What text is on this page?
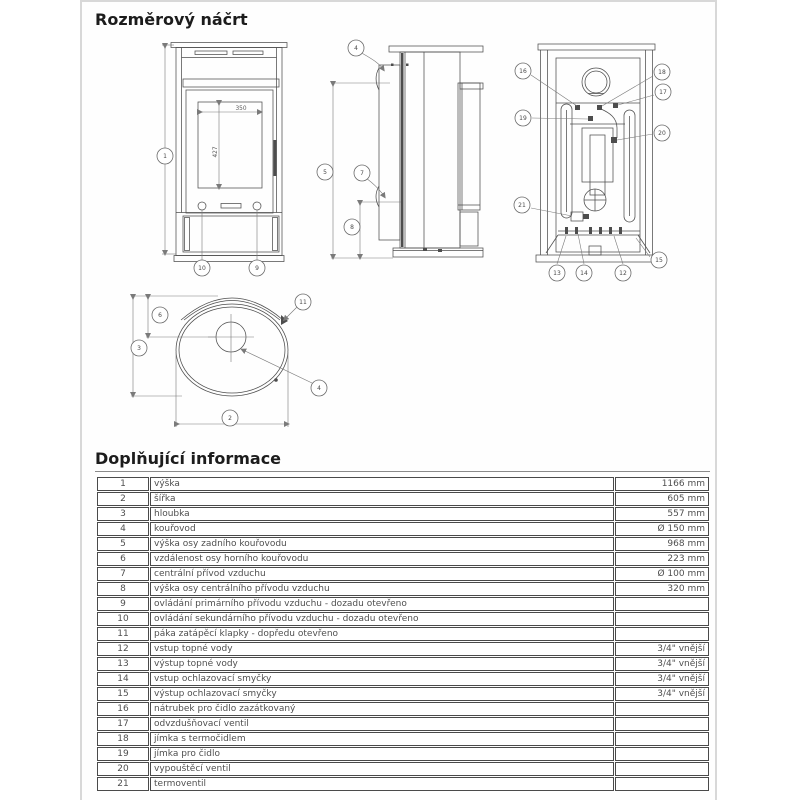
Rozměrový náčrt
350
427
1
10	9
4
5	7
8
16	18
17
19
20
21
15
13	14	12
6
3
11
2
4
Doplňující informace
1	výška	1166 mm
2	šířka	605 mm
3	hloubka	557 mm
4	kouřovod	Ø 150 mm
5	výška osy zadního kouřovodu	968 mm
6	vzdálenost osy horního kouřovodu	223 mm
7	centrální přívod vzduchu	Ø 100 mm
8	výška osy centrálního přívodu vzduchu	320 mm
9	ovládání primárního přívodu vzduchu - dozadu otevřeno	
10	ovládání sekundárního přívodu vzduchu - dozadu otevřeno	
11	páka zatápěcí klapky - dopředu otevřeno	
12	vstup topné vody	3/4" vnější
13	výstup topné vody	3/4" vnější
14	vstup ochlazovací smyčky	3/4" vnější
15	výstup ochlazovací smyčky	3/4" vnější
16	nátrubek pro čidlo zazátkovaný	
17	odvzdušňovací ventil	
18	jímka s termočidlem	
19	jímka pro čidlo	
20	vypouštěcí ventil	
21	termoventil	
